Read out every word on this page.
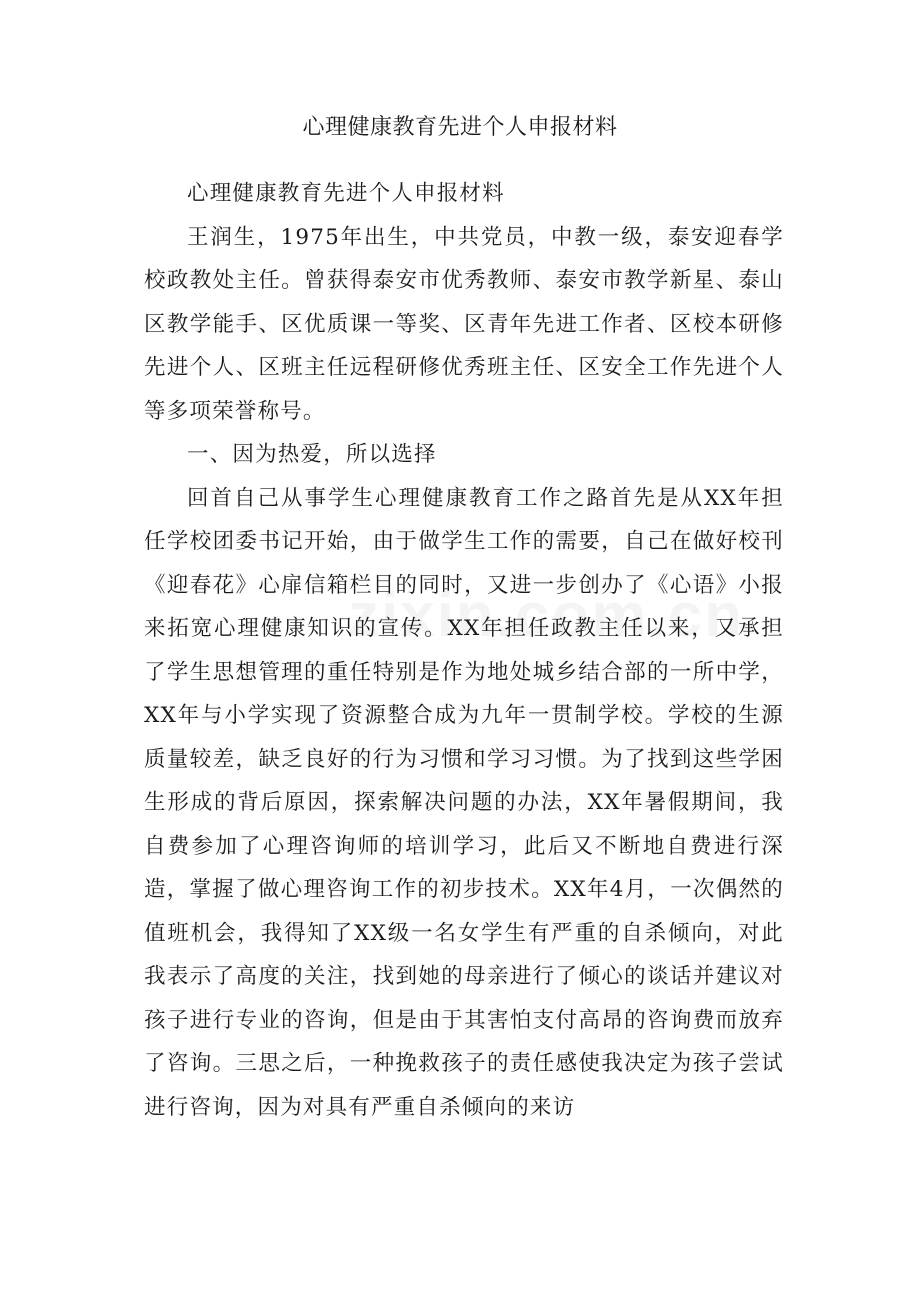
心理健康教育先进个人申报材料

心理健康教育先进个人申报材料

王润生，1975年出生，中共党员，中教一级，泰安迎春学校政教处主任。曾获得泰安市优秀教师、泰安市教学新星、泰山区教学能手、区优质课一等奖、区青年先进工作者、区校本研修先进个人、区班主任远程研修优秀班主任、区安全工作先进个人等多项荣誉称号。

一、因为热爱，所以选择

回首自己从事学生心理健康教育工作之路首先是从XX年担任学校团委书记开始，由于做学生工作的需要，自己在做好校刊《迎春花》心扉信箱栏目的同时，又进一步创办了《心语》小报来拓宽心理健康知识的宣传。XX年担任政教主任以来，又承担了学生思想管理的重任特别是作为地处城乡结合部的一所中学，XX年与小学实现了资源整合成为九年一贯制学校。学校的生源质量较差，缺乏良好的行为习惯和学习习惯。为了找到这些学困生形成的背后原因，探索解决问题的办法，XX年暑假期间，我自费参加了心理咨询师的培训学习，此后又不断地自费进行深造，掌握了做心理咨询工作的初步技术。XX年4月，一次偶然的值班机会，我得知了XX级一名女学生有严重的自杀倾向，对此我表示了高度的关注，找到她的母亲进行了倾心的谈话并建议对孩子进行专业的咨询，但是由于其害怕支付高昂的咨询费而放弃了咨询。三思之后，一种挽救孩子的责任感使我决定为孩子尝试进行咨询，因为对具有严重自杀倾向的来访
